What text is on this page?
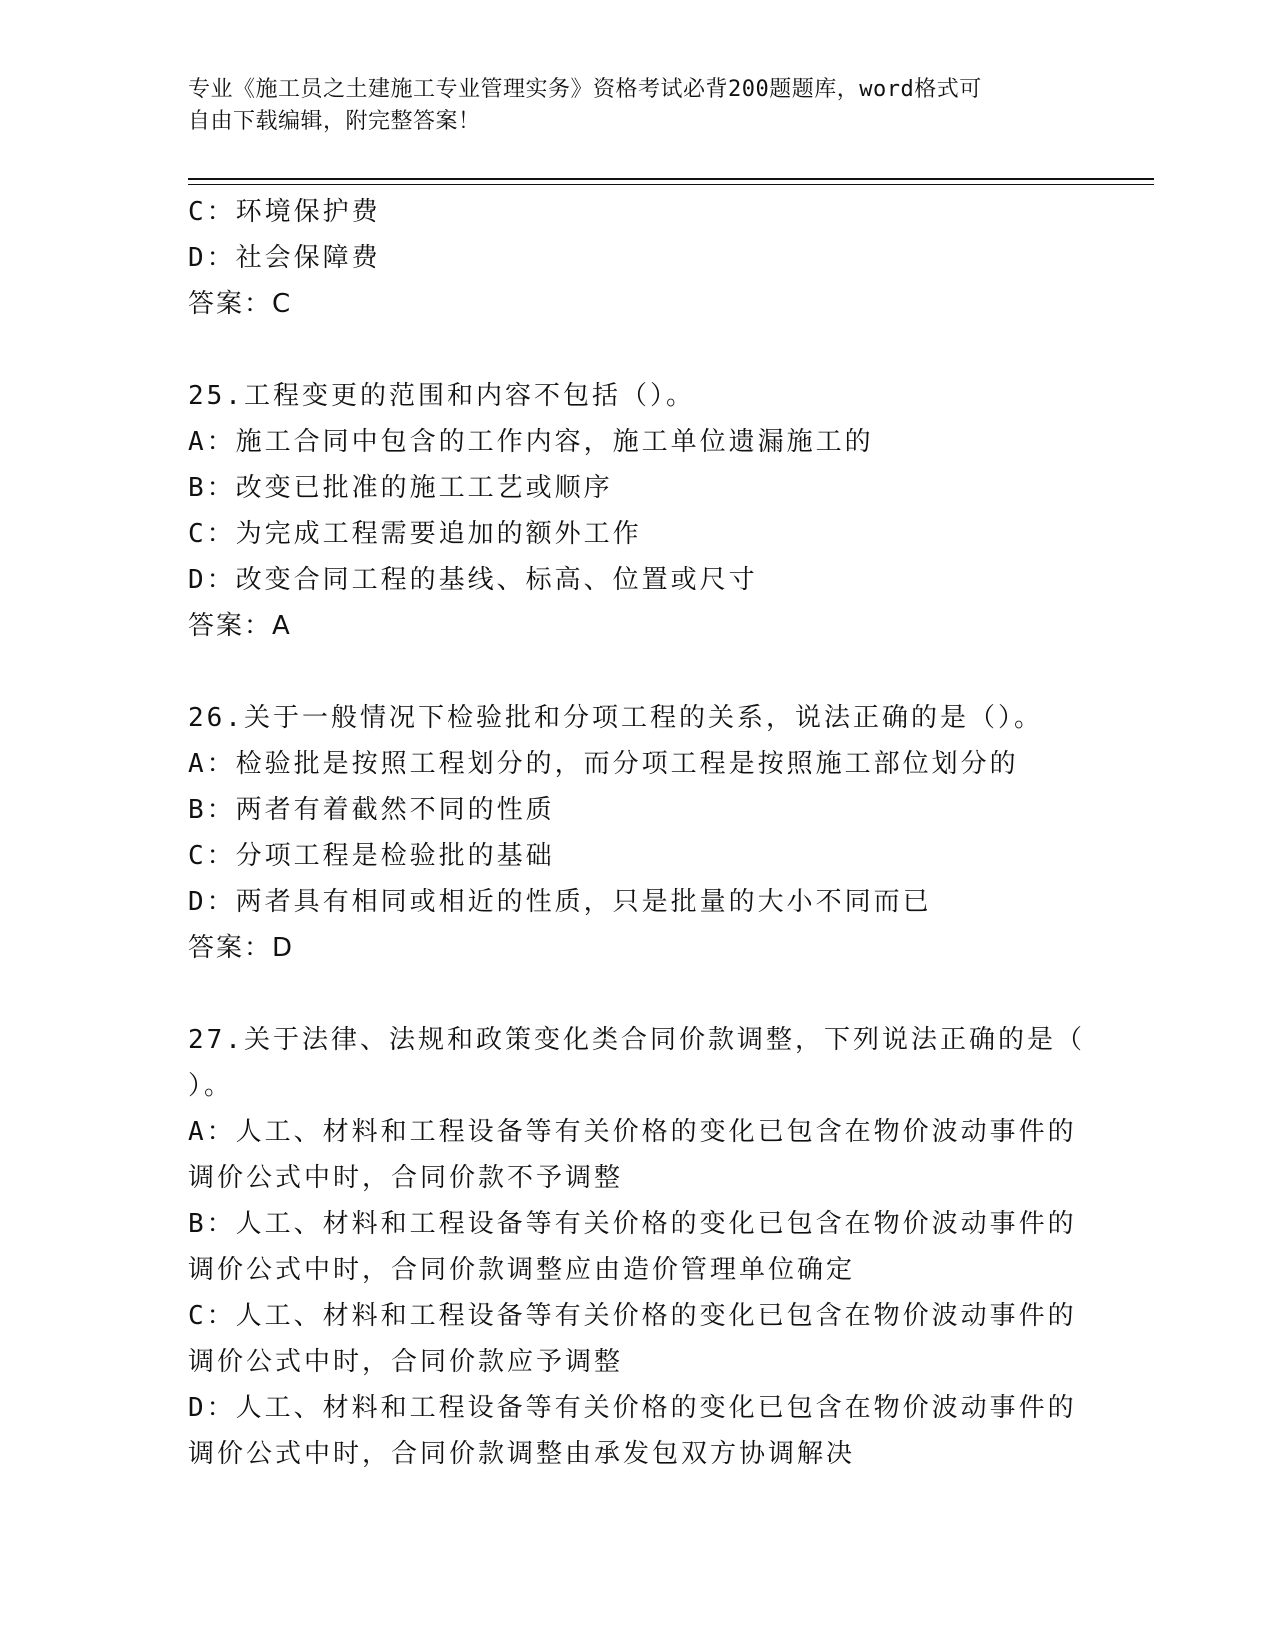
专业《施工员之土建施工专业管理实务》资格考试必背200题题库，word格式可
自由下载编辑，附完整答案！
C：环境保护费
D：社会保障费
答案：C
25.工程变更的范围和内容不包括（）。
A：施工合同中包含的工作内容，施工单位遗漏施工的
B：改变已批准的施工工艺或顺序
C：为完成工程需要追加的额外工作
D：改变合同工程的基线、标高、位置或尺寸
答案：A
26.关于一般情况下检验批和分项工程的关系，说法正确的是（）。
A：检验批是按照工程划分的，而分项工程是按照施工部位划分的
B：两者有着截然不同的性质
C：分项工程是检验批的基础
D：两者具有相同或相近的性质，只是批量的大小不同而已
答案：D
27.关于法律、法规和政策变化类合同价款调整，下列说法正确的是（
）。
A：人工、材料和工程设备等有关价格的变化已包含在物价波动事件的
调价公式中时，合同价款不予调整
B：人工、材料和工程设备等有关价格的变化已包含在物价波动事件的
调价公式中时，合同价款调整应由造价管理单位确定
C：人工、材料和工程设备等有关价格的变化已包含在物价波动事件的
调价公式中时，合同价款应予调整
D：人工、材料和工程设备等有关价格的变化已包含在物价波动事件的
调价公式中时，合同价款调整由承发包双方协调解决
